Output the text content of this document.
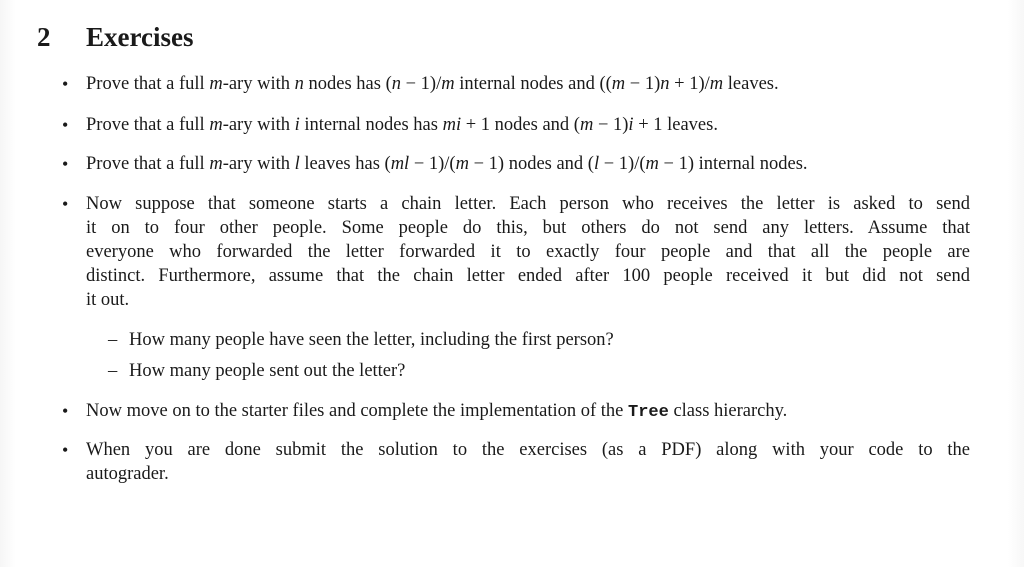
2 Exercises
• Prove that a full m-ary with n nodes has (n − 1)/m internal nodes and ((m − 1)n + 1)/m leaves.
• Prove that a full m-ary with i internal nodes has mi + 1 nodes and (m − 1)i + 1 leaves.
• Prove that a full m-ary with l leaves has (ml − 1)/(m − 1) nodes and (l − 1)/(m − 1) internal nodes.
• Now suppose that someone starts a chain letter. Each person who receives the letter is asked to send
it on to four other people. Some people do this, but others do not send any letters. Assume that
everyone who forwarded the letter forwarded it to exactly four people and that all the people are
distinct. Furthermore, assume that the chain letter ended after 100 people received it but did not send
it out.
– How many people have seen the letter, including the first person?
– How many people sent out the letter?
• Now move on to the starter files and complete the implementation of the Tree class hierarchy.
• When you are done submit the solution to the exercises (as a PDF) along with your code to the
autograder.
